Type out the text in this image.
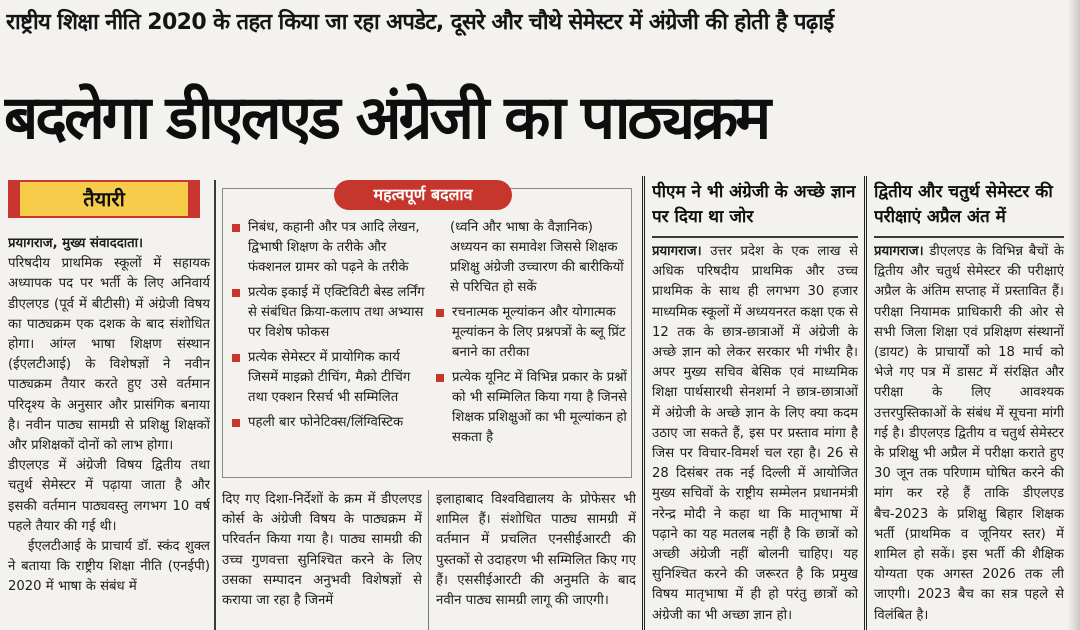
राष्ट्रीय शिक्षा नीति 2020 के तहत किया जा रहा अपडेट, दूसरे और चौथे सेमेस्टर में अंग्रेजी की होती है पढ़ाई
बदलेगा डीएलएड अंग्रेजी का पाठ्यक्रम
तैयारी

प्रयागराज, मुख्य संवाददाता।

परिषदीय प्राथमिक स्कूलों में सहायक अध्यापक पद पर भर्ती के लिए अनिवार्य डीएलएड (पूर्व में बीटीसी) में अंग्रेजी विषय का पाठ्यक्रम एक दशक के बाद संशोधित होगा। आंग्ल भाषा शिक्षण संस्थान (ईएलटीआई) के विशेषज्ञों ने नवीन पाठ्यक्रम तैयार करते हुए उसे वर्तमान परिदृश्य के अनुसार और प्रासंगिक बनाया है। नवीन पाठ्य सामग्री से प्रशिक्षु शिक्षकों और प्रशिक्षकों दोनों को लाभ होगा।

डीएलएड में अंग्रेजी विषय द्वितीय तथा चतुर्थ सेमेस्टर में पढ़ाया जाता है और इसकी वर्तमान पाठ्यवस्तु लगभग 10 वर्ष पहले तैयार की गई थी।

ईएलटीआई के प्राचार्य डॉ. स्कंद शुक्ल ने बताया कि राष्ट्रीय शिक्षा नीति (एनईपी) 2020 में भाषा के संबंध में

महत्वपूर्ण बदलाव
निबंध, कहानी और पत्र आदि लेखन, द्विभाषी शिक्षण के तरीके और फंक्शनल ग्रामर को पढ़ने के तरीके
प्रत्येक इकाई में एक्टिविटी बेस्ड लर्निंग से संबंधित क्रिया-कलाप तथा अभ्यास पर विशेष फोकस
प्रत्येक सेमेस्टर में प्रायोगिक कार्य जिसमें माइक्रो टीचिंग, मैक्रो टीचिंग तथा एक्शन रिसर्च भी सम्मिलित
पहली बार फोनेटिक्स/लिंग्विस्टिक
(ध्वनि और भाषा के वैज्ञानिक) अध्ययन का समावेश जिससे शिक्षक प्रशिक्षु अंग्रेजी उच्चारण की बारीकियों से परिचित हो सकें
रचनात्मक मूल्यांकन और योगात्मक मूल्यांकन के लिए प्रश्नपत्रों के ब्लू प्रिंट बनाने का तरीका
प्रत्येक यूनिट में विभिन्न प्रकार के प्रश्नों को भी सम्मिलित किया गया है जिनसे शिक्षक प्रशिक्षुओं का भी मूल्यांकन हो सकता है
दिए गए दिशा-निर्देशों के क्रम में डीएलएड कोर्स के अंग्रेजी विषय के पाठ्यक्रम में परिवर्तन किया गया है। पाठ्य सामग्री की उच्च गुणवत्ता सुनिश्चित करने के लिए उसका सम्पादन अनुभवी विशेषज्ञों से कराया जा रहा है जिनमें
इलाहाबाद विश्वविद्यालय के प्रोफेसर भी शामिल हैं। संशोधित पाठ्य सामग्री में वर्तमान में प्रचलित एनसीईआरटी की पुस्तकों से उदाहरण भी सम्मिलित किए गए हैं। एससीईआरटी की अनुमति के बाद नवीन पाठ्य सामग्री लागू की जाएगी।
पीएम ने भी अंग्रेजी के अच्छे ज्ञान पर दिया था जोर

प्रयागराज। उत्तर प्रदेश के एक लाख से अधिक परिषदीय प्राथमिक और उच्च प्राथमिक के साथ ही लगभग 30 हजार माध्यमिक स्कूलों में अध्ययनरत कक्षा एक से 12 तक के छात्र-छात्राओं में अंग्रेजी के अच्छे ज्ञान को लेकर सरकार भी गंभीर है। अपर मुख्य सचिव बेसिक एवं माध्यमिक शिक्षा पार्थसारथी सेनशर्मा ने छात्र-छात्राओं में अंग्रेजी के अच्छे ज्ञान के लिए क्या कदम उठाए जा सकते हैं, इस पर प्रस्ताव मांगा है जिस पर विचार-विमर्श चल रहा है। 26 से 28 दिसंबर तक नई दिल्ली में आयोजित मुख्य सचिवों के राष्ट्रीय सम्मेलन प्रधानमंत्री नरेन्द्र मोदी ने कहा था कि मातृभाषा में पढ़ाने का यह मतलब नहीं है कि छात्रों को अच्छी अंग्रेजी नहीं बोलनी चाहिए। यह सुनिश्चित करने की जरूरत है कि प्रमुख विषय मातृभाषा में ही हो परंतु छात्रों को अंग्रेजी का भी अच्छा ज्ञान हो।

द्वितीय और चतुर्थ सेमेस्टर की परीक्षाएं अप्रैल अंत में

प्रयागराज। डीएलएड के विभिन्न बैचों के द्वितीय और चतुर्थ सेमेस्टर की परीक्षाएं अप्रैल के अंतिम सप्ताह में प्रस्तावित हैं। परीक्षा नियामक प्राधिकारी की ओर से सभी जिला शिक्षा एवं प्रशिक्षण संस्थानों (डायट) के प्राचार्यों को 18 मार्च को भेजे गए पत्र में डासट में संरक्षित और परीक्षा के लिए आवश्यक उत्तरपुस्तिकाओं के संबंध में सूचना मांगी गई है। डीएलएड द्वितीय व चतुर्थ सेमेस्टर के प्रशिक्षु भी अप्रैल में परीक्षा कराते हुए 30 जून तक परिणाम घोषित करने की मांग कर रहे हैं ताकि डीएलएड बैच-2023 के प्रशिक्षु बिहार शिक्षक भर्ती (प्राथमिक व जूनियर स्तर) में शामिल हो सकें। इस भर्ती की शैक्षिक योग्यता एक अगस्त 2026 तक ली जाएगी। 2023 बैच का सत्र पहले से विलंबित है।
